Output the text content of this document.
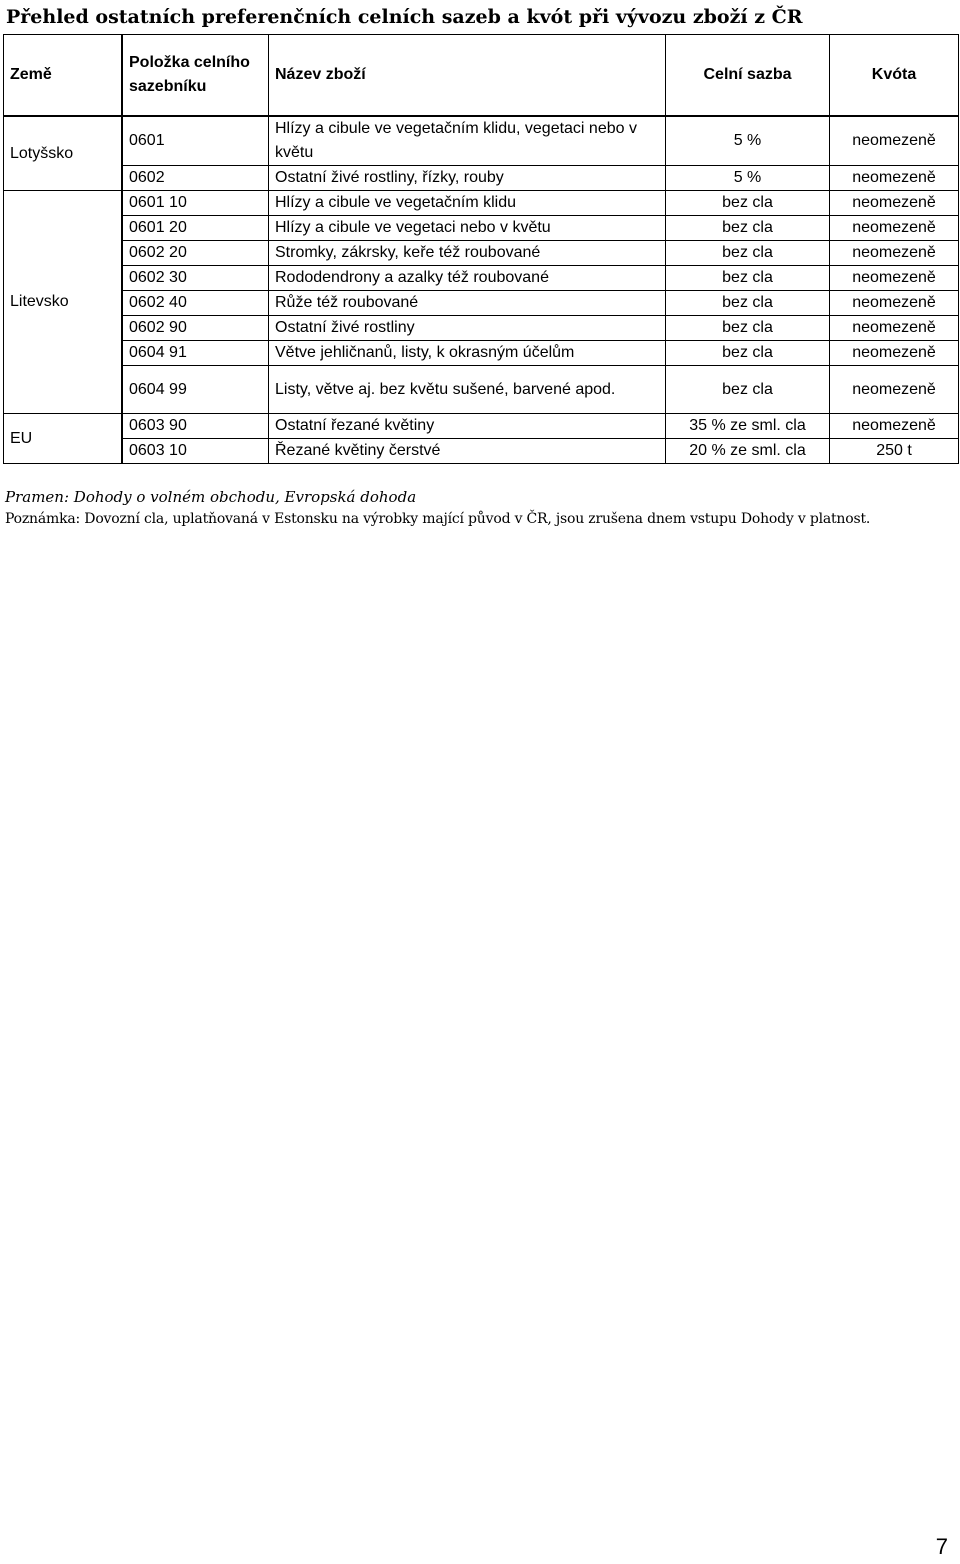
Přehled ostatních preferenčních celních sazeb a kvót při vývozu zboží z ČR
Země	Položka celního sazebníku	Název zboží	Celní sazba	Kvóta
Lotyšsko	0601	Hlízy a cibule ve vegetačním klidu, vegetaci nebo v květu	5 %	neomezeně
	0602	Ostatní živé rostliny, řízky, rouby	5 %	neomezeně
Litevsko	0601 10	Hlízy a cibule ve vegetačním klidu	bez cla	neomezeně
	0601 20	Hlízy a cibule ve vegetaci nebo v květu	bez cla	neomezeně
	0602 20	Stromky, zákrsky, keře též roubované	bez cla	neomezeně
	0602 30	Rododendrony a azalky též roubované	bez cla	neomezeně
	0602 40	Růže též roubované	bez cla	neomezeně
	0602 90	Ostatní živé rostliny	bez cla	neomezeně
	0604 91	Větve jehličnanů, listy, k okrasným účelům	bez cla	neomezeně
	0604 99	Listy, větve aj. bez květu sušené, barvené apod.	bez cla	neomezeně
EU	0603 90	Ostatní řezané květiny	35 % ze sml. cla	neomezeně
	0603 10	Řezané květiny čerstvé	20 % ze sml. cla	250 t
Pramen: Dohody o volném obchodu, Evropská dohoda
Poznámka: Dovozní cla, uplatňovaná v Estonsku na výrobky mající původ v ČR, jsou zrušena dnem vstupu Dohody v platnost.
7
